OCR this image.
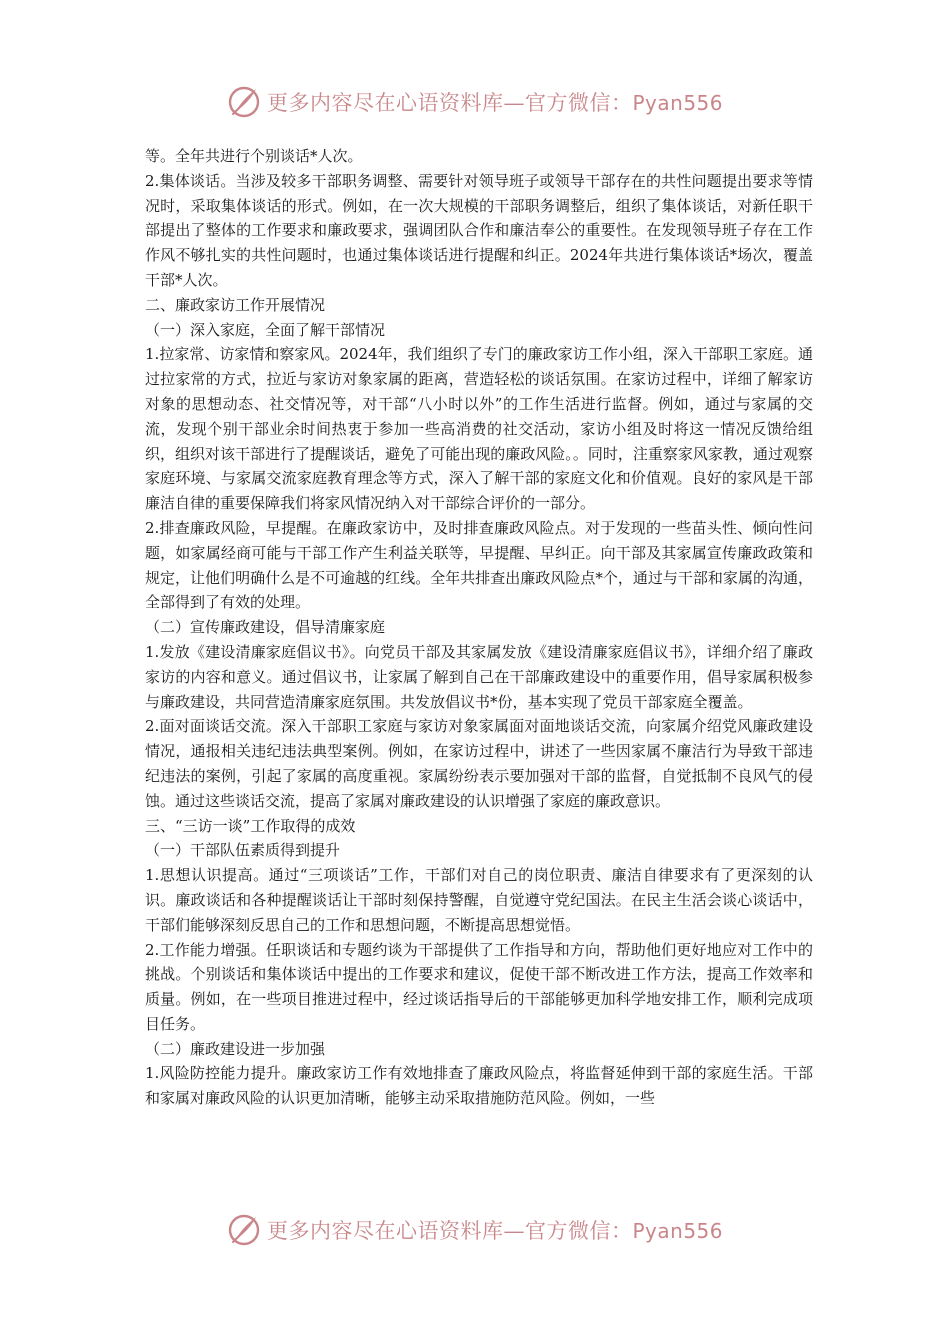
更多内容尽在心语资料库—官方微信：Pyan556

等。全年共进行个别谈话*人次。

2.集体谈话。当涉及较多干部职务调整、需要针对领导班子或领导干部存在的共性问题提出要求等情况时，采取集体谈话的形式。例如，在一次大规模的干部职务调整后，组织了集体谈话，对新任职干部提出了整体的工作要求和廉政要求，强调团队合作和廉洁奉公的重要性。在发现领导班子存在工作作风不够扎实的共性问题时，也通过集体谈话进行提醒和纠正。2024年共进行集体谈话*场次，覆盖干部*人次。

二、廉政家访工作开展情况

（一）深入家庭，全面了解干部情况

1.拉家常、访家情和察家风。2024年，我们组织了专门的廉政家访工作小组，深入干部职工家庭。通过拉家常的方式，拉近与家访对象家属的距离，营造轻松的谈话氛围。在家访过程中，详细了解家访对象的思想动态、社交情况等，对干部“八小时以外”的工作生活进行监督。例如，通过与家属的交流，发现个别干部业余时间热衷于参加一些高消费的社交活动，家访小组及时将这一情况反馈给组织，组织对该干部进行了提醒谈话，避免了可能出现的廉政风险。。同时，注重察家风家教，通过观察家庭环境、与家属交流家庭教育理念等方式，深入了解干部的家庭文化和价值观。良好的家风是干部廉洁自律的重要保障我们将家风情况纳入对干部综合评价的一部分。

2.排查廉政风险，早提醒。在廉政家访中，及时排查廉政风险点。对于发现的一些苗头性、倾向性问题，如家属经商可能与干部工作产生利益关联等，早提醒、早纠正。向干部及其家属宣传廉政政策和规定，让他们明确什么是不可逾越的红线。全年共排查出廉政风险点*个，通过与干部和家属的沟通，全部得到了有效的处理。

（二）宣传廉政建设，倡导清廉家庭

1.发放《建设清廉家庭倡议书》。向党员干部及其家属发放《建设清廉家庭倡议书》，详细介绍了廉政家访的内容和意义。通过倡议书，让家属了解到自己在干部廉政建设中的重要作用，倡导家属积极参与廉政建设，共同营造清廉家庭氛围。共发放倡议书*份，基本实现了党员干部家庭全覆盖。

2.面对面谈话交流。深入干部职工家庭与家访对象家属面对面地谈话交流，向家属介绍党风廉政建设情况，通报相关违纪违法典型案例。例如，在家访过程中，讲述了一些因家属不廉洁行为导致干部违纪违法的案例，引起了家属的高度重视。家属纷纷表示要加强对干部的监督，自觉抵制不良风气的侵蚀。通过这些谈话交流，提高了家属对廉政建设的认识增强了家庭的廉政意识。

三、“三访一谈”工作取得的成效

（一）干部队伍素质得到提升

1.思想认识提高。通过“三项谈话”工作，干部们对自己的岗位职责、廉洁自律要求有了更深刻的认识。廉政谈话和各种提醒谈话让干部时刻保持警醒，自觉遵守党纪国法。在民主生活会谈心谈话中，干部们能够深刻反思自己的工作和思想问题，不断提高思想觉悟。

2.工作能力增强。任职谈话和专题约谈为干部提供了工作指导和方向，帮助他们更好地应对工作中的挑战。个别谈话和集体谈话中提出的工作要求和建议，促使干部不断改进工作方法，提高工作效率和质量。例如，在一些项目推进过程中，经过谈话指导后的干部能够更加科学地安排工作，顺利完成项目任务。

（二）廉政建设进一步加强

1.风险防控能力提升。廉政家访工作有效地排查了廉政风险点，将监督延伸到干部的家庭生活。干部和家属对廉政风险的认识更加清晰，能够主动采取措施防范风险。例如，一些

更多内容尽在心语资料库—官方微信：Pyan556
